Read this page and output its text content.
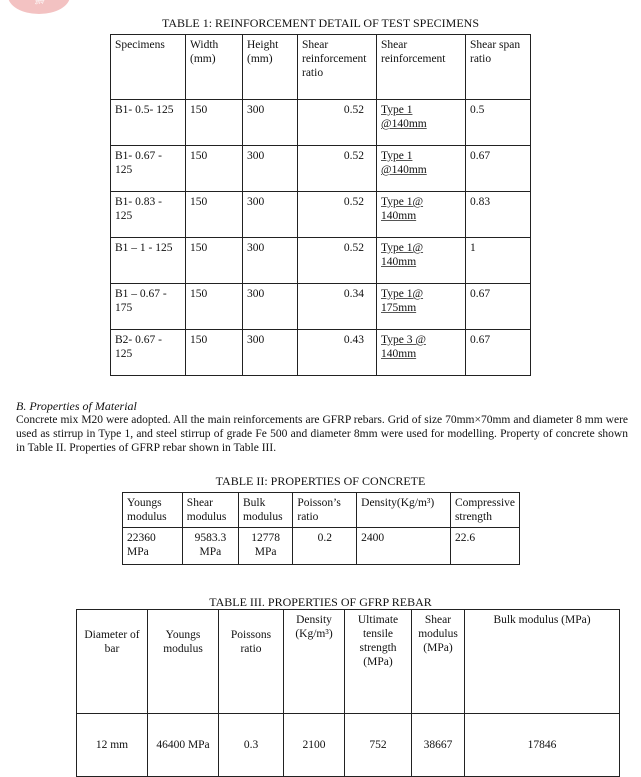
ज्ञान
TABLE 1: REINFORCEMENT DETAIL OF TEST SPECIMENS
Specimens	Width (mm)	Height (mm)	Shear reinforcement ratio	Shear reinforcement	Shear span ratio
B1- 0.5- 125	150	300	0.52	Type 1 @140mm	0.5
B1- 0.67 - 125	150	300	0.52	Type 1 @140mm	0.67
B1- 0.83 - 125	150	300	0.52	Type 1@ 140mm	0.83
B1 – 1 - 125	150	300	0.52	Type 1@ 140mm	1
B1 – 0.67 - 175	150	300	0.34	Type 1@ 175mm	0.67
B2- 0.67 - 125	150	300	0.43	Type 3 @ 140mm	0.67
B. Properties of Material
Concrete mix M20 were adopted. All the main reinforcements are GFRP rebars. Grid of size 70mm×70mm and diameter 8 mm were used as stirrup in Type 1, and steel stirrup of grade Fe 500 and diameter 8mm were used for modelling. Property of concrete shown in Table II. Properties of GFRP rebar shown in Table III.
TABLE II: PROPERTIES OF CONCRETE
Youngs modulus	Shear modulus	Bulk modulus	Poisson’s ratio	Density(Kg/m³)	Compressive strength
22360 MPa	9583.3 MPa	12778 MPa	0.2	2400	22.6
TABLE III. PROPERTIES OF GFRP REBAR
Diameter of bar	Youngs modulus	Poissons ratio	Density (Kg/m³)	Ultimate tensile strength (MPa)	Shear modulus (MPa)	Bulk modulus (MPa)
12 mm	46400 MPa	0.3	2100	752	38667	17846
